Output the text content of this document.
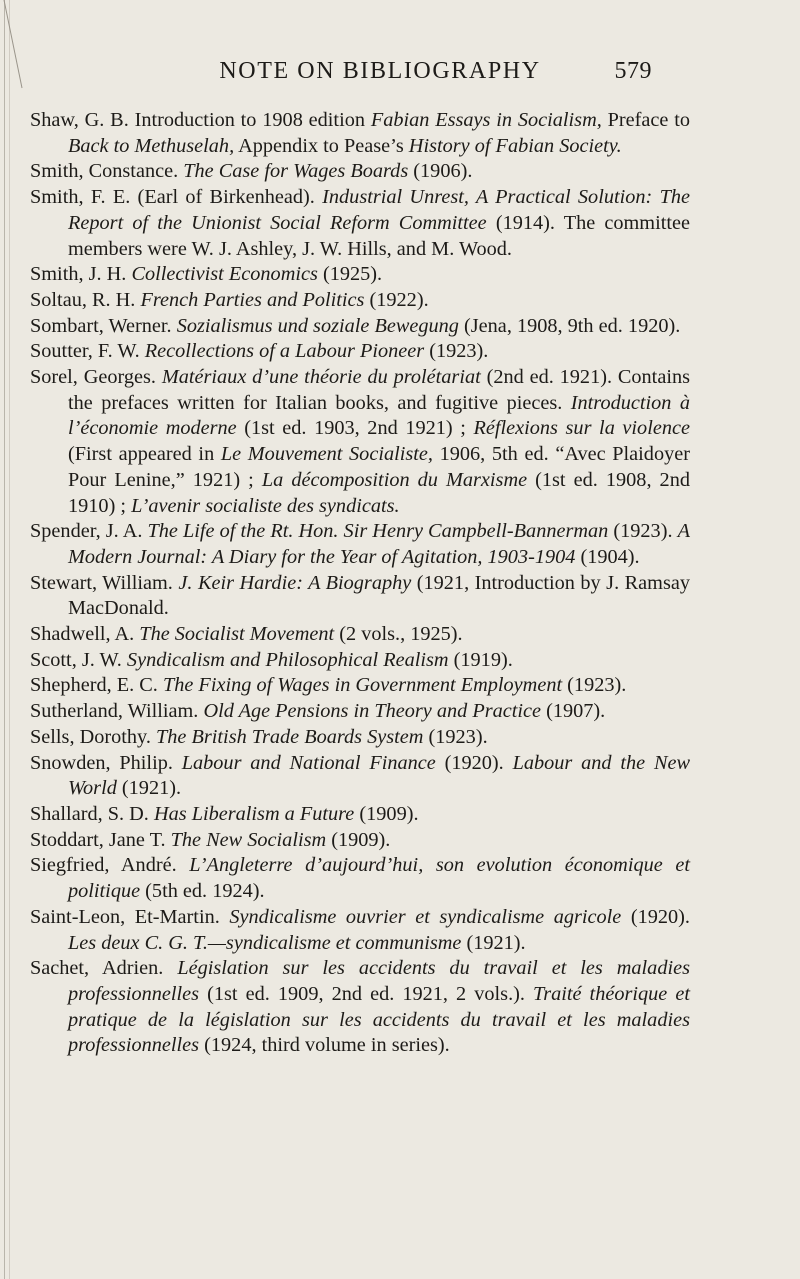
NOTE ON BIBLIOGRAPHY	579

Shaw, G. B. Introduction to 1908 edition Fabian Essays in Socialism, Preface to Back to Methuselah, Appendix to Pease’s History of Fabian Society.

Smith, Constance. The Case for Wages Boards (1906).

Smith, F. E. (Earl of Birkenhead). Industrial Unrest, A Practical Solution: The Report of the Unionist Social Reform Committee (1914). The committee members were W. J. Ashley, J. W. Hills, and M. Wood.

Smith, J. H. Collectivist Economics (1925).

Soltau, R. H. French Parties and Politics (1922).

Sombart, Werner. Sozialismus und soziale Bewegung (Jena, 1908, 9th ed. 1920).

Soutter, F. W. Recollections of a Labour Pioneer (1923).

Sorel, Georges. Matériaux d’une théorie du prolétariat (2nd ed. 1921). Contains the prefaces written for Italian books, and fugitive pieces. Introduction à l’économie moderne (1st ed. 1903, 2nd 1921) ; Réflexions sur la violence (First appeared in Le Mouvement Socialiste, 1906, 5th ed. “Avec Plaidoyer Pour Lenine,” 1921) ; La décomposition du Marxisme (1st ed. 1908, 2nd 1910) ; L’avenir socialiste des syndicats.

Spender, J. A. The Life of the Rt. Hon. Sir Henry Campbell-Bannerman (1923). A Modern Journal: A Diary for the Year of Agitation, 1903-1904 (1904).

Stewart, William. J. Keir Hardie: A Biography (1921, Introduction by J. Ramsay MacDonald.

Shadwell, A. The Socialist Movement (2 vols., 1925).

Scott, J. W. Syndicalism and Philosophical Realism (1919).

Shepherd, E. C. The Fixing of Wages in Government Employment (1923).

Sutherland, William. Old Age Pensions in Theory and Practice (1907).

Sells, Dorothy. The British Trade Boards System (1923).

Snowden, Philip. Labour and National Finance (1920). Labour and the New World (1921).

Shallard, S. D. Has Liberalism a Future (1909).

Stoddart, Jane T. The New Socialism (1909).

Siegfried, André. L’Angleterre d’aujourd’hui, son evolution économique et politique (5th ed. 1924).

Saint-Leon, Et-Martin. Syndicalisme ouvrier et syndicalisme agricole (1920). Les deux C. G. T.—syndicalisme et communisme (1921).

Sachet, Adrien. Législation sur les accidents du travail et les maladies professionnelles (1st ed. 1909, 2nd ed. 1921, 2 vols.). Traité théorique et pratique de la législation sur les accidents du travail et les maladies professionnelles (1924, third volume in series).
